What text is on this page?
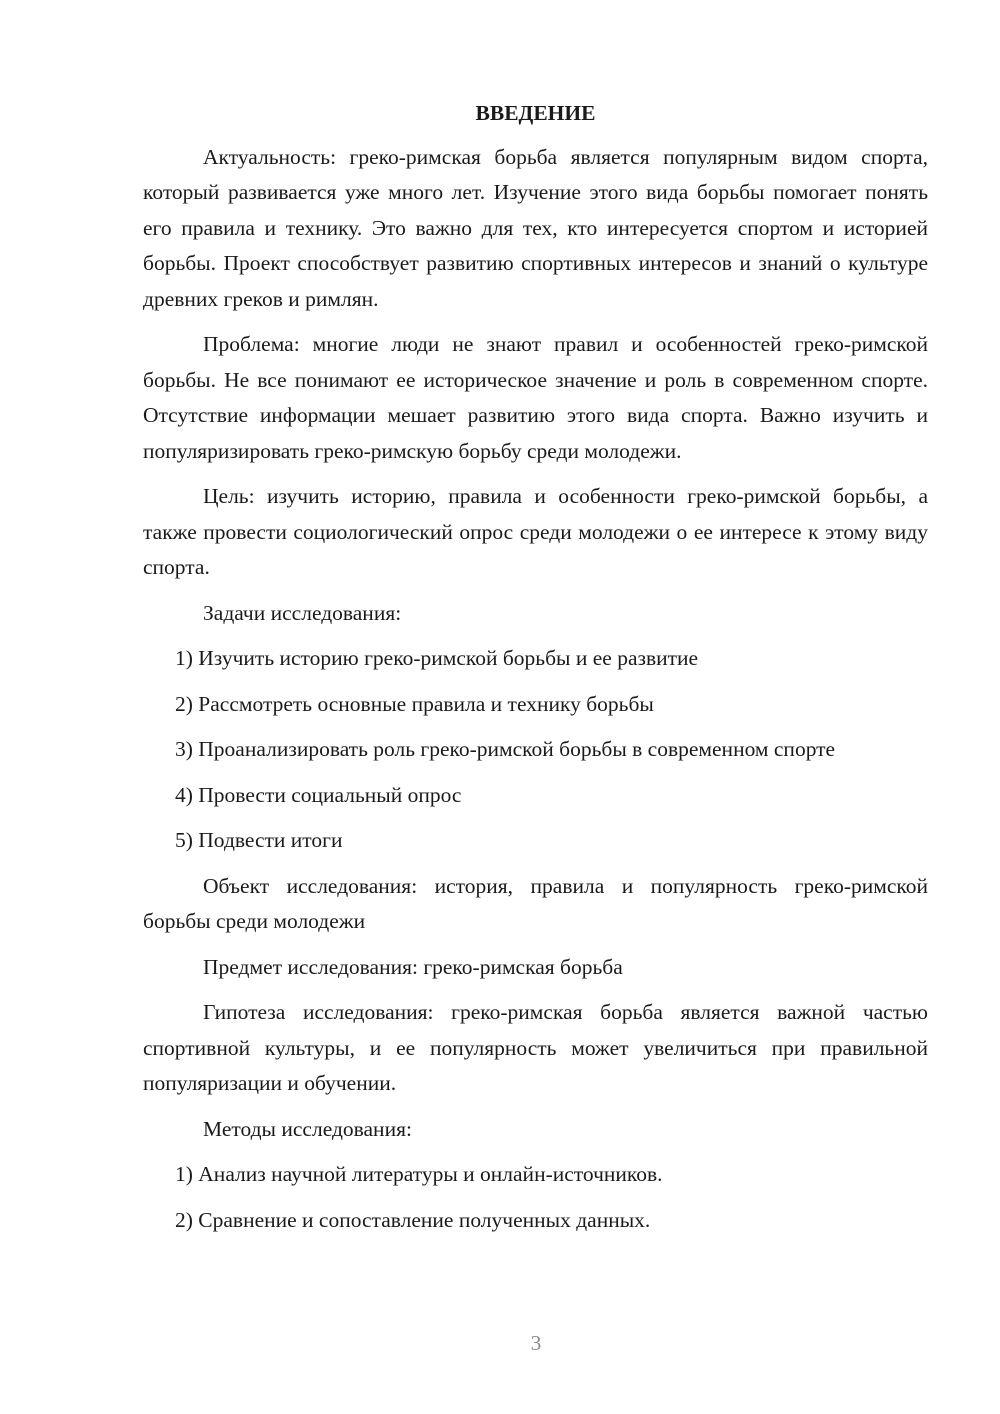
ВВЕДЕНИЕ

Актуальность: греко-римская борьба является популярным видом спорта, который развивается уже много лет. Изучение этого вида борьбы помогает понять его правила и технику. Это важно для тех, кто интересуется спортом и историей борьбы. Проект способствует развитию спортивных интересов и знаний о культуре древних греков и римлян.

Проблема: многие люди не знают правил и особенностей греко-римской борьбы. Не все понимают ее историческое значение и роль в современном спорте. Отсутствие информации мешает развитию этого вида спорта. Важно изучить и популяризировать греко-римскую борьбу среди молодежи.

Цель: изучить историю, правила и особенности греко-римской борьбы, а также провести социологический опрос среди молодежи о ее интересе к этому виду спорта.

Задачи исследования:

1) Изучить историю греко-римской борьбы и ее развитие

2) Рассмотреть основные правила и технику борьбы

3) Проанализировать роль греко-римской борьбы в современном спорте

4) Провести социальный опрос

5) Подвести итоги

Объект исследования: история, правила и популярность греко-римской борьбы среди молодежи

Предмет исследования: греко-римская борьба

Гипотеза исследования: греко-римская борьба является важной частью спортивной культуры, и ее популярность может увеличиться при правильной популяризации и обучении.

Методы исследования:

1) Анализ научной литературы и онлайн-источников.

2) Сравнение и сопоставление полученных данных.

3
